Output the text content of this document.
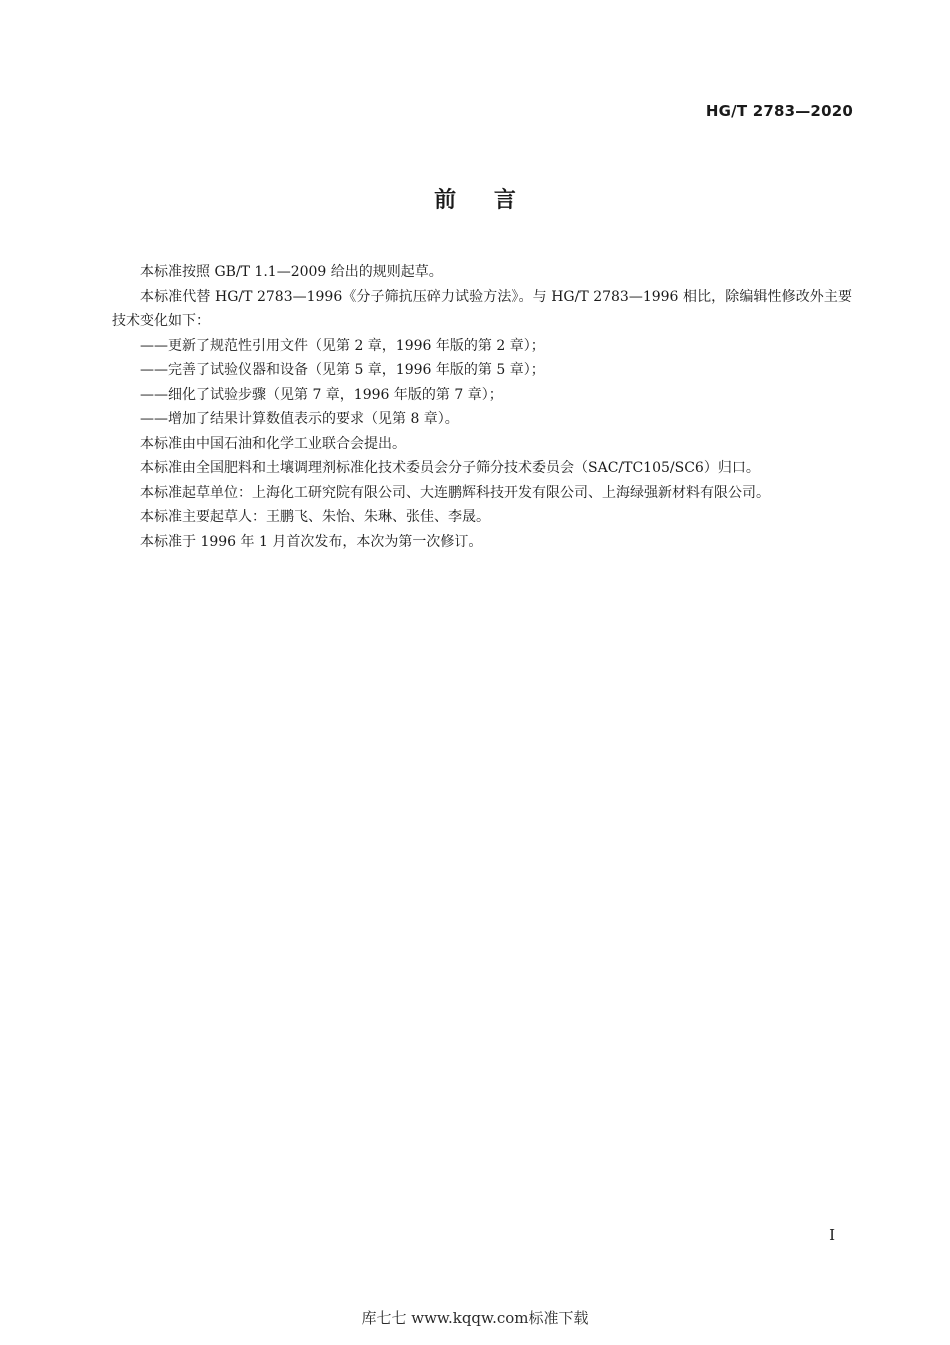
HG/T 2783—2020

前 言

本标准按照 GB/T 1.1—2009 给出的规则起草。

本标准代替 HG/T 2783—1996《分子筛抗压碎力试验方法》。与 HG/T 2783—1996 相比，除编辑性修改外主要技术变化如下：

——更新了规范性引用文件（见第 2 章，1996 年版的第 2 章）；

——完善了试验仪器和设备（见第 5 章，1996 年版的第 5 章）；

——细化了试验步骤（见第 7 章，1996 年版的第 7 章）；

——增加了结果计算数值表示的要求（见第 8 章）。

本标准由中国石油和化学工业联合会提出。

本标准由全国肥料和土壤调理剂标准化技术委员会分子筛分技术委员会（SAC/TC105/SC6）归口。

本标准起草单位：上海化工研究院有限公司、大连鹏辉科技开发有限公司、上海绿强新材料有限公司。

本标准主要起草人：王鹏飞、朱怡、朱琳、张佳、李晟。

本标准于 1996 年 1 月首次发布，本次为第一次修订。

I

库七七 www.kqqw.com标准下载
